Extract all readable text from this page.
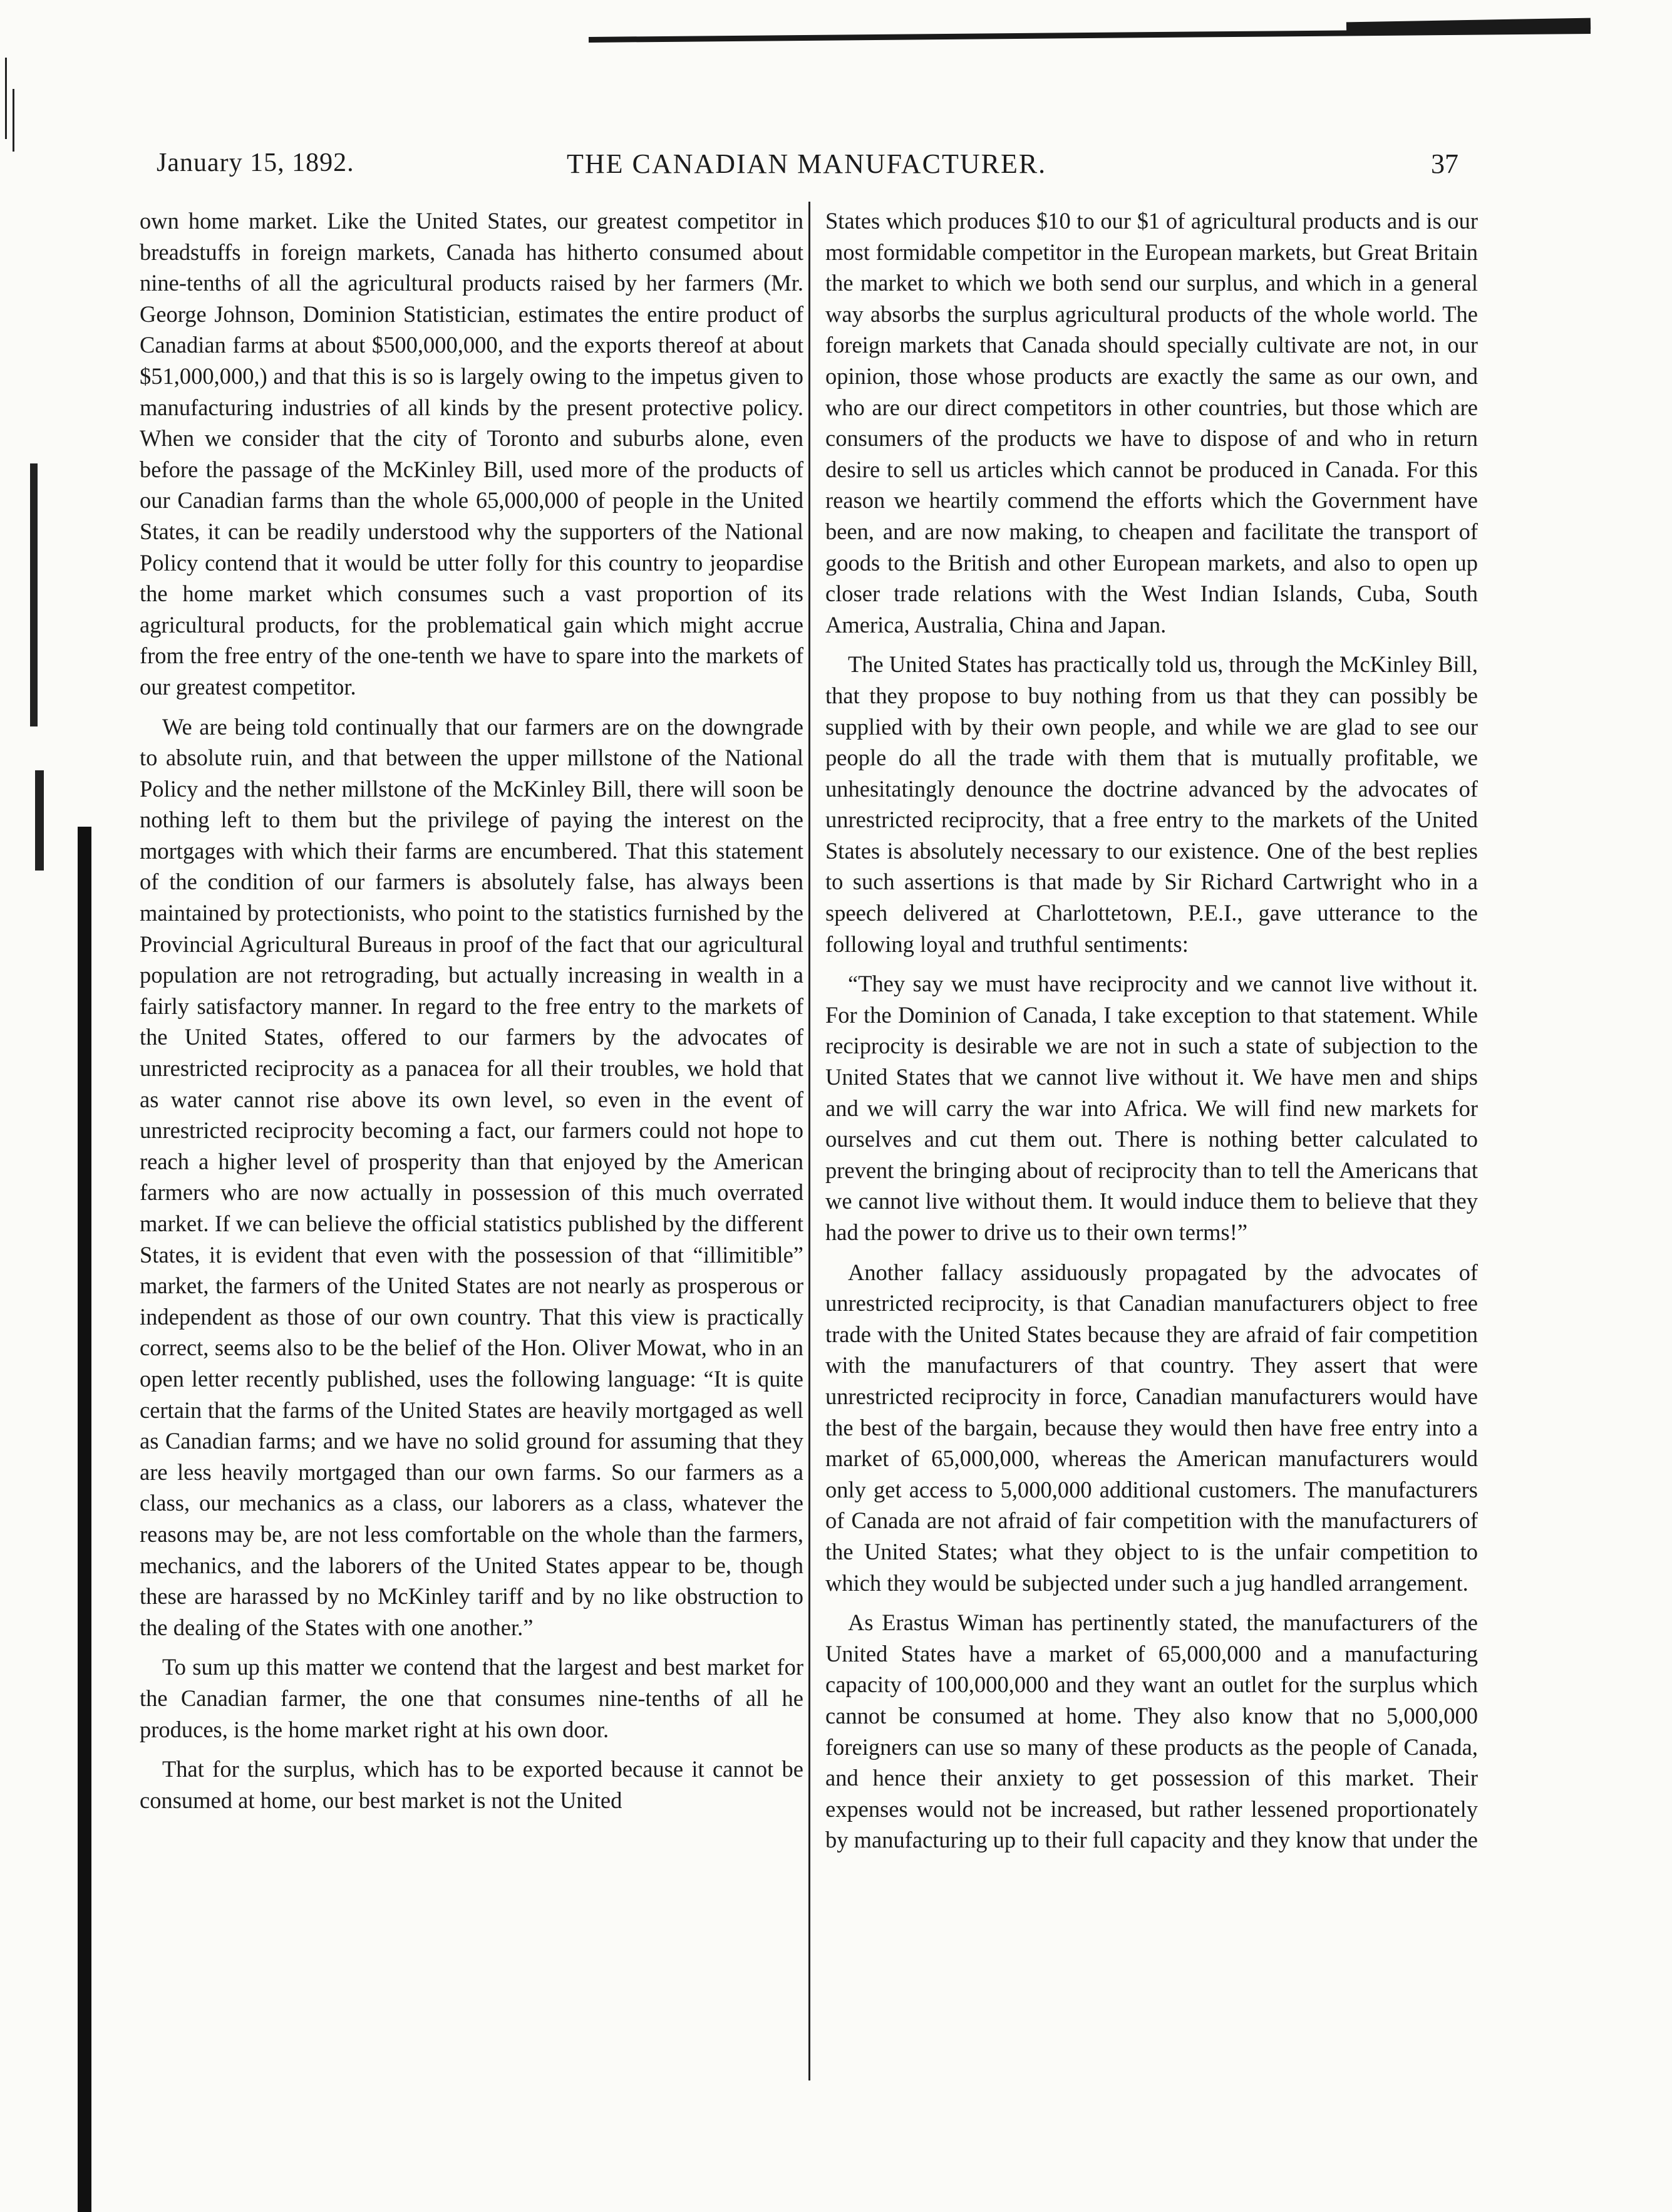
January 15, 1892.	THE CANADIAN MANUFACTURER.	37

own home market. Like the United States, our greatest competitor in breadstuffs in foreign markets, Canada has hitherto consumed about nine-tenths of all the agricultural products raised by her farmers (Mr. George Johnson, Dominion Statistician, estimates the entire product of Canadian farms at about $500,000,000, and the exports thereof at about $51,000,000,) and that this is so is largely owing to the impetus given to manufacturing industries of all kinds by the present protective policy. When we consider that the city of Toronto and suburbs alone, even before the passage of the McKinley Bill, used more of the products of our Canadian farms than the whole 65,000,000 of people in the United States, it can be readily understood why the supporters of the National Policy contend that it would be utter folly for this country to jeopardise the home market which consumes such a vast proportion of its agricultural products, for the problematical gain which might accrue from the free entry of the one-tenth we have to spare into the markets of our greatest competitor.

We are being told continually that our farmers are on the downgrade to absolute ruin, and that between the upper millstone of the National Policy and the nether millstone of the McKinley Bill, there will soon be nothing left to them but the privilege of paying the interest on the mortgages with which their farms are encumbered. That this statement of the condition of our farmers is absolutely false, has always been maintained by protectionists, who point to the statistics furnished by the Provincial Agricultural Bureaus in proof of the fact that our agricultural population are not retrograding, but actually increasing in wealth in a fairly satisfactory manner. In regard to the free entry to the markets of the United States, offered to our farmers by the advocates of unrestricted reciprocity as a panacea for all their troubles, we hold that as water cannot rise above its own level, so even in the event of unrestricted reciprocity becoming a fact, our farmers could not hope to reach a higher level of prosperity than that enjoyed by the American farmers who are now actually in possession of this much overrated market. If we can believe the official statistics published by the different States, it is evident that even with the possession of that “illimitible” market, the farmers of the United States are not nearly as prosperous or independent as those of our own country. That this view is practically correct, seems also to be the belief of the Hon. Oliver Mowat, who in an open letter recently published, uses the following language: “It is quite certain that the farms of the United States are heavily mortgaged as well as Canadian farms; and we have no solid ground for assuming that they are less heavily mortgaged than our own farms. So our farmers as a class, our mechanics as a class, our laborers as a class, whatever the reasons may be, are not less comfortable on the whole than the farmers, mechanics, and the laborers of the United States appear to be, though these are harassed by no McKinley tariff and by no like obstruction to the dealing of the States with one another.”

To sum up this matter we contend that the largest and best market for the Canadian farmer, the one that consumes nine-tenths of all he produces, is the home market right at his own door.

That for the surplus, which has to be exported because it cannot be consumed at home, our best market is not the United

States which produces $10 to our $1 of agricultural products and is our most formidable competitor in the European markets, but Great Britain the market to which we both send our surplus, and which in a general way absorbs the surplus agricultural products of the whole world. The foreign markets that Canada should specially cultivate are not, in our opinion, those whose products are exactly the same as our own, and who are our direct competitors in other countries, but those which are consumers of the products we have to dispose of and who in return desire to sell us articles which cannot be produced in Canada. For this reason we heartily commend the efforts which the Government have been, and are now making, to cheapen and facilitate the transport of goods to the British and other European markets, and also to open up closer trade relations with the West Indian Islands, Cuba, South America, Australia, China and Japan.

The United States has practically told us, through the McKinley Bill, that they propose to buy nothing from us that they can possibly be supplied with by their own people, and while we are glad to see our people do all the trade with them that is mutually profitable, we unhesitatingly denounce the doctrine advanced by the advocates of unrestricted reciprocity, that a free entry to the markets of the United States is absolutely necessary to our existence. One of the best replies to such assertions is that made by Sir Richard Cartwright who in a speech delivered at Charlottetown, P.E.I., gave utterance to the following loyal and truthful sentiments:

“They say we must have reciprocity and we cannot live without it. For the Dominion of Canada, I take exception to that statement. While reciprocity is desirable we are not in such a state of subjection to the United States that we cannot live without it. We have men and ships and we will carry the war into Africa. We will find new markets for ourselves and cut them out. There is nothing better calculated to prevent the bringing about of reciprocity than to tell the Americans that we cannot live without them. It would induce them to believe that they had the power to drive us to their own terms!”

Another fallacy assiduously propagated by the advocates of unrestricted reciprocity, is that Canadian manufacturers object to free trade with the United States because they are afraid of fair competition with the manufacturers of that country. They assert that were unrestricted reciprocity in force, Canadian manufacturers would have the best of the bargain, because they would then have free entry into a market of 65,000,000, whereas the American manufacturers would only get access to 5,000,000 additional customers. The manufacturers of Canada are not afraid of fair competition with the manufacturers of the United States; what they object to is the unfair competition to which they would be subjected under such a jug handled arrangement.

As Erastus Wiman has pertinently stated, the manufacturers of the United States have a market of 65,000,000 and a manufacturing capacity of 100,000,000 and they want an outlet for the surplus which cannot be consumed at home. They also know that no 5,000,000 foreigners can use so many of these products as the people of Canada, and hence their anxiety to get possession of this market. Their expenses would not be increased, but rather lessened proportionately by manufacturing up to their full capacity and they know that under the
